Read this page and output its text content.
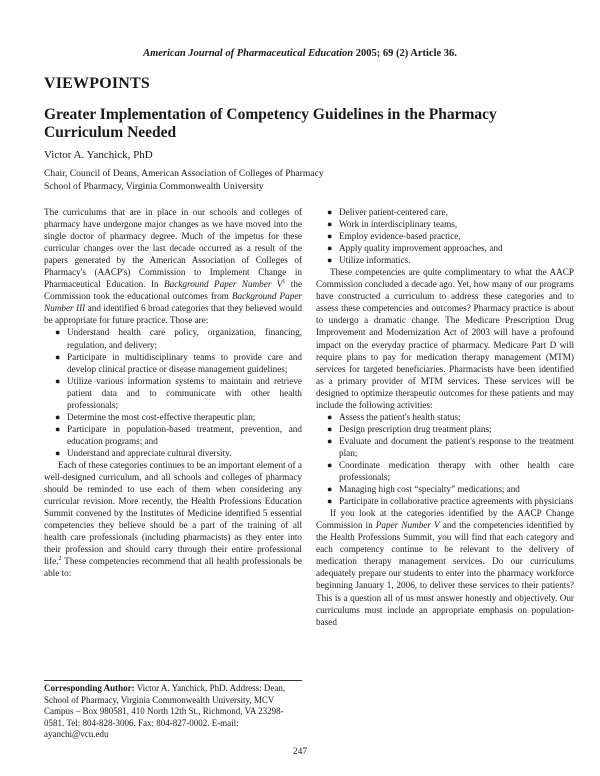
American Journal of Pharmaceutical Education 2005; 69 (2) Article 36.
VIEWPOINTS
Greater Implementation of Competency Guidelines in the Pharmacy Curriculum Needed
Victor A. Yanchick, PhD
Chair, Council of Deans, American Association of Colleges of Pharmacy
School of Pharmacy, Virginia Commonwealth University

The curriculums that are in place in our schools and colleges of pharmacy have undergone major changes as we have moved into the single doctor of pharmacy degree. Much of the impetus for these curricular changes over the last decade occurred as a result of the papers generated by the American Association of Colleges of Pharmacy's (AACP's) Commission to Implement Change in Pharmaceutical Education. In Background Paper Number $V^1$ the Commission took the educational outcomes from Background Paper Number III and identified 6 broad categories that they believed would be appropriate for future practice. Those are:

● Understand health care policy, organization, financing, regulation, and delivery;
● Participate in multidisciplinary teams to provide care and develop clinical practice or disease management guidelines;
● Utilize various information systems to maintain and retrieve patient data and to communicate with other health professionals;
● Determine the most cost-effective therapeutic plan;
● Participate in population-based treatment, prevention, and education programs; and
● Understand and appreciate cultural diversity.

Each of these categories continues to be an important element of a well-designed curriculum, and all schools and colleges of pharmacy should be reminded to use each of them when considering any curricular revision. More recently, the Health Professions Education Summit convened by the Institutes of Medicine identified 5 essential competencies they believe should be a part of the training of all health care professionals (including pharmacists) as they enter into their profession and should carry through their entire professional life.$^2$ These competencies recommend that all health professionals be able to:

Corresponding Author: Victor A. Yanchick, PhD. Address: Dean, School of Pharmacy, Virginia Commonwealth University, MCV Campus – Box 980581, 410 North 12th St., Richmond, VA 23298-0581. Tel: 804-828-3006. Fax: 804-827-0002. E-mail: ayanchi@vcu.edu
● Deliver patient-centered care,
● Work in interdisciplinary teams,
● Employ evidence-based practice,
● Apply quality improvement approaches, and
● Utilize informatics.

These competencies are quite complimentary to what the AACP Commission concluded a decade ago. Yet, how many of our programs have constructed a curriculum to address these categories and to assess these competencies and outcomes? Pharmacy practice is about to undergo a dramatic change. The Medicare Prescription Drug Improvement and Modernization Act of 2003 will have a profound impact on the everyday practice of pharmacy. Medicare Part D will require plans to pay for medication therapy management (MTM) services for targeted beneficiaries. Pharmacists have been identified as a primary provider of MTM services. These services will be designed to optimize therapeutic outcomes for these patients and may include the following activities:

● Assess the patient's health status;
● Design prescription drug treatment plans;
● Evaluate and document the patient's response to the treatment plan;
● Coordinate medication therapy with other health care professionals;
● Managing high cost “specialty” medications; and
● Participate in collaborative practice agreements with physicians

If you look at the categories identified by the AACP Change Commission in Paper Number V and the competencies identified by the Health Professions Summit, you will find that each category and each competency continue to be relevant to the delivery of medication therapy management services. Do our curriculums adequately prepare our students to enter into the pharmacy workforce beginning January 1, 2006, to deliver these services to their patients? This is a question all of us must answer honestly and objectively. Our curriculums must include an appropriate emphasis on population-based

247
